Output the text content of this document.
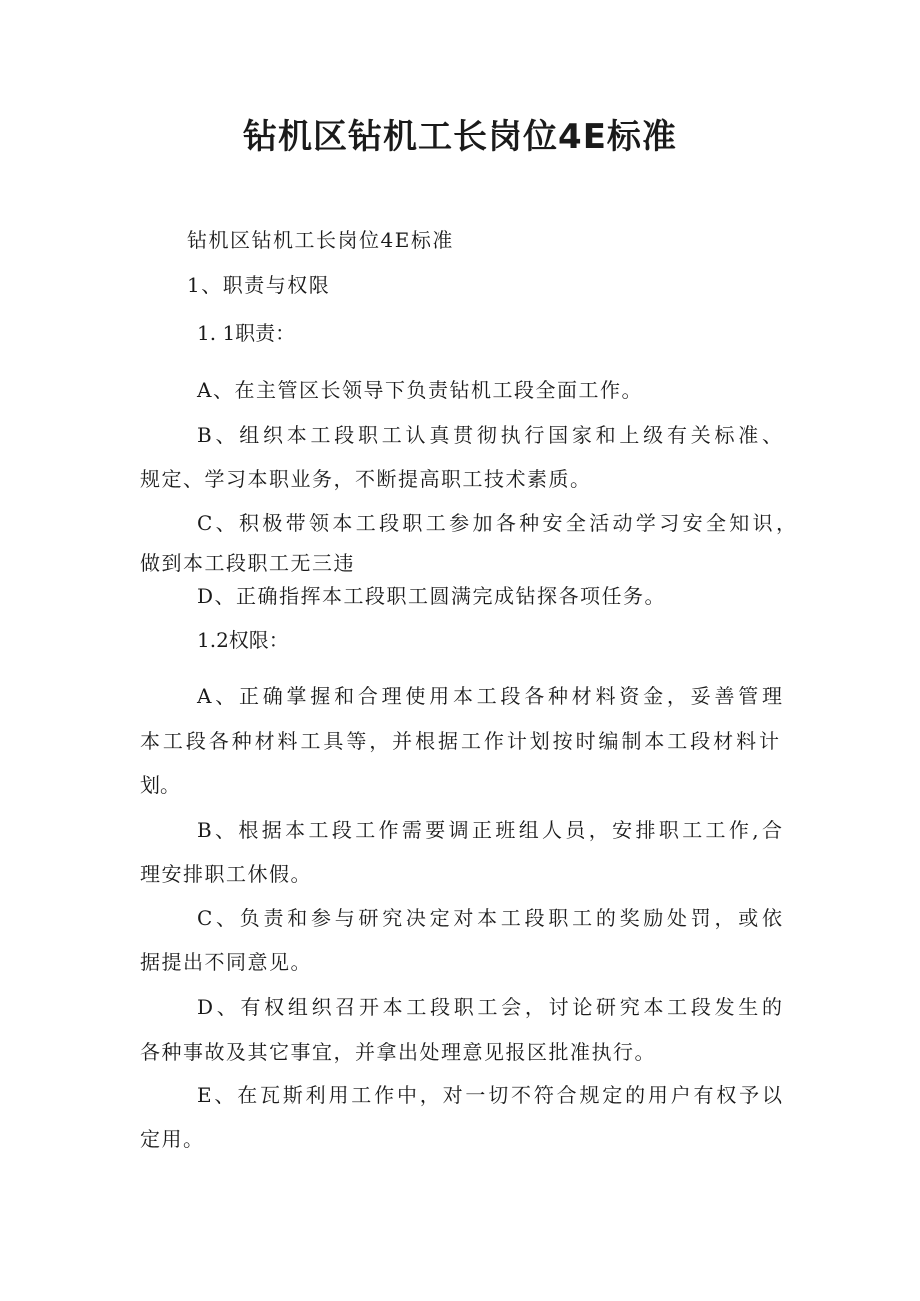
钻机区钻机工长岗位4E标准

钻机区钻机工长岗位4E标准

1、职责与权限

1. 1职责：

A、在主管区长领导下负责钻机工段全面工作。

B、组织本工段职工认真贯彻执行国家和上级有关标准、

规定、学习本职业务，不断提高职工技术素质。

C、积极带领本工段职工参加各种安全活动学习安全知识，

做到本工段职工无三违

D、正确指挥本工段职工圆满完成钻探各项任务。

1.2权限：

A、正确掌握和合理使用本工段各种材料资金，妥善管理

本工段各种材料工具等，并根据工作计划按时编制本工段材料计

划。

B、根据本工段工作需要调正班组人员，安排职工工作,合

理安排职工休假。

C、负责和参与研究决定对本工段职工的奖励处罚，或依

据提出不同意见。

D、有权组织召开本工段职工会，讨论研究本工段发生的

各种事故及其它事宜，并拿出处理意见报区批准执行。

E、在瓦斯利用工作中，对一切不符合规定的用户有权予以

定用。
